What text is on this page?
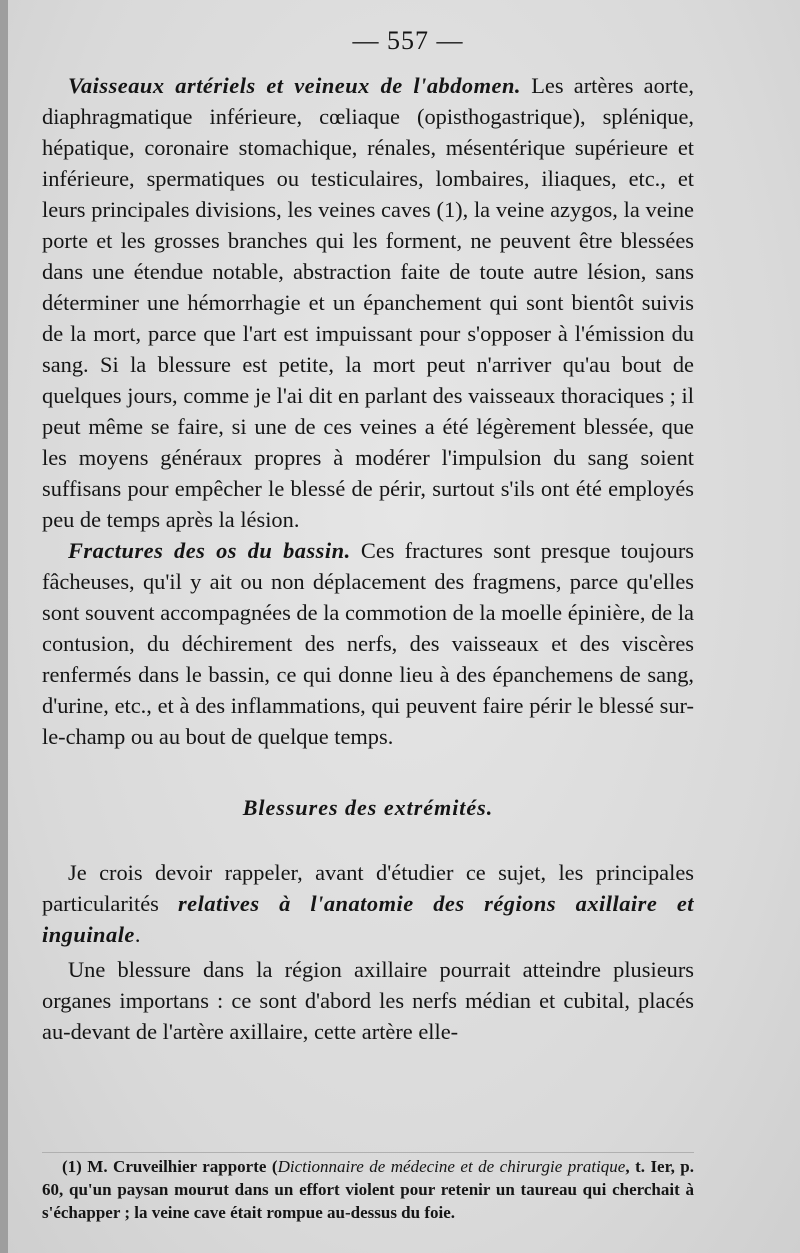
— 557 —

Vaisseaux artériels et veineux de l'abdomen. Les artères aorte, diaphragmatique inférieure, cœliaque (opisthogastrique), splénique, hépatique, coronaire stomachique, rénales, mésentérique supérieure et inférieure, spermatiques ou testiculaires, lombaires, iliaques, etc., et leurs principales divisions, les veines caves (1), la veine azygos, la veine porte et les grosses branches qui les forment, ne peuvent être blessées dans une étendue notable, abstraction faite de toute autre lésion, sans déterminer une hémorrhagie et un épanchement qui sont bientôt suivis de la mort, parce que l'art est impuissant pour s'opposer à l'émission du sang. Si la blessure est petite, la mort peut n'arriver qu'au bout de quelques jours, comme je l'ai dit en parlant des vaisseaux thoraciques ; il peut même se faire, si une de ces veines a été légèrement blessée, que les moyens généraux propres à modérer l'impulsion du sang soient suffisans pour empêcher le blessé de périr, surtout s'ils ont été employés peu de temps après la lésion.

Fractures des os du bassin. Ces fractures sont presque toujours fâcheuses, qu'il y ait ou non déplacement des fragmens, parce qu'elles sont souvent accompagnées de la commotion de la moelle épinière, de la contusion, du déchirement des nerfs, des vaisseaux et des viscères renfermés dans le bassin, ce qui donne lieu à des épanchemens de sang, d'urine, etc., et à des inflammations, qui peuvent faire périr le blessé sur-le-champ ou au bout de quelque temps.

Blessures des extrémités.

Je crois devoir rappeler, avant d'étudier ce sujet, les principales particularités relatives à l'anatomie des régions axillaire et inguinale.

Une blessure dans la région axillaire pourrait atteindre plusieurs organes importans : ce sont d'abord les nerfs médian et cubital, placés au-devant de l'artère axillaire, cette artère elle-

(1) M. Cruveilhier rapporte (Dictionnaire de médecine et de chirurgie pratique, t. Ier, p. 60, qu'un paysan mourut dans un effort violent pour retenir un taureau qui cherchait à s'échapper ; la veine cave était rompue au-dessus du foie.
